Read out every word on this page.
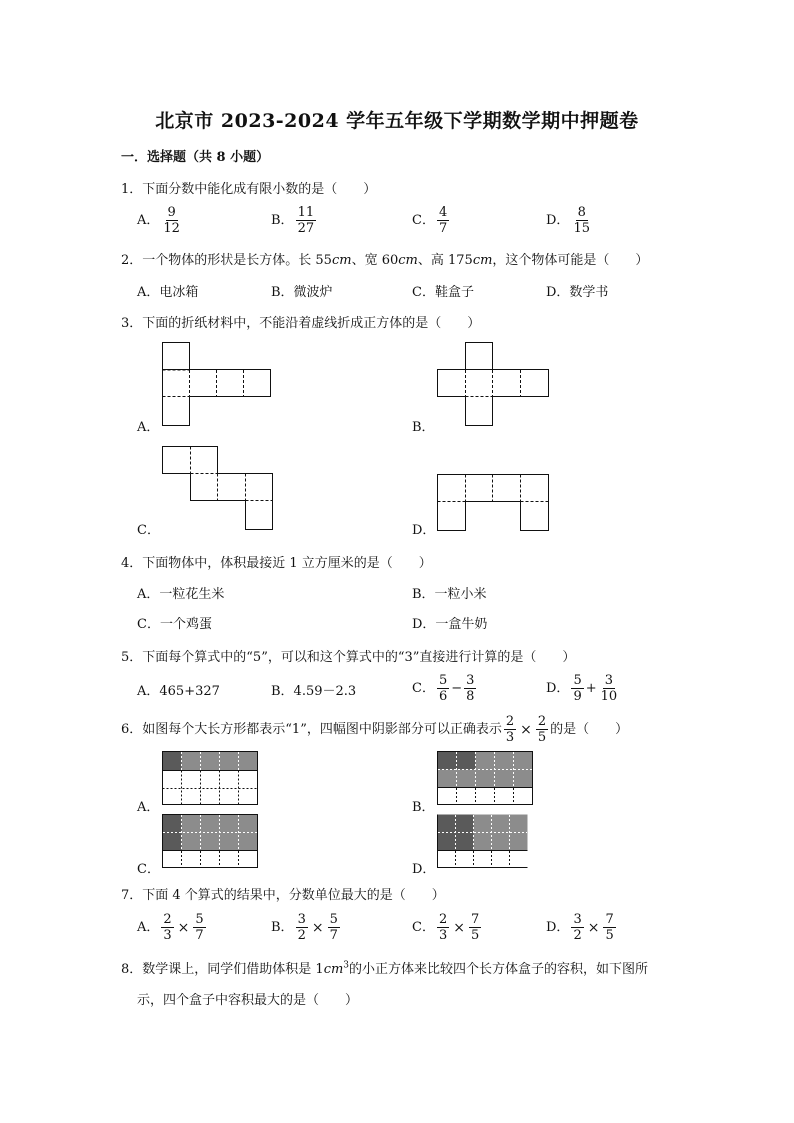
北京市 2023-2024 学年五年级下学期数学期中押题卷
一．选择题（共 8 小题）
1．下面分数中能化成有限小数的是（　　）
A． $\frac{9}{12}$	B． $\frac{11}{27}$	C． $\frac{4}{7}$	D． $\frac{8}{15}$
2．一个物体的形状是长方体。长 55cm、宽 60cm、高 175cm，这个物体可能是（　　）
A．电冰箱	B．微波炉	C．鞋盒子	D．数学书
3．下面的折纸材料中，不能沿着虚线折成正方体的是（　　）
A．	B．
C．	D．
4．下面物体中，体积最接近 1 立方厘米的是（　　）
A．一粒花生米	B．一粒小米
C．一个鸡蛋	D．一盒牛奶
5．下面每个算式中的“5”，可以和这个算式中的“3”直接进行计算的是（　　）
A．465+327	B．4.59－2.3	C． $\frac{5}{6} - \frac{3}{8}$	D． $\frac{5}{9} + \frac{3}{10}$
6．如图每个大长方形都表示“1”，四幅图中阴影部分可以正确表示 $\frac{2}{3} \times \frac{2}{5}$ 的是（　　）
A．	B．
C．	D．
7．下面 4 个算式的结果中，分数单位最大的是（　　）
A． $\frac{2}{3} \times \frac{5}{7}$	B． $\frac{3}{2} \times \frac{5}{7}$	C． $\frac{2}{3} \times \frac{7}{5}$	D． $\frac{3}{2} \times \frac{7}{5}$
8．数学课上，同学们借助体积是 $1cm^3$的小正方体来比较四个长方体盒子的容积，如下图所
示，四个盒子中容积最大的是（　　）
